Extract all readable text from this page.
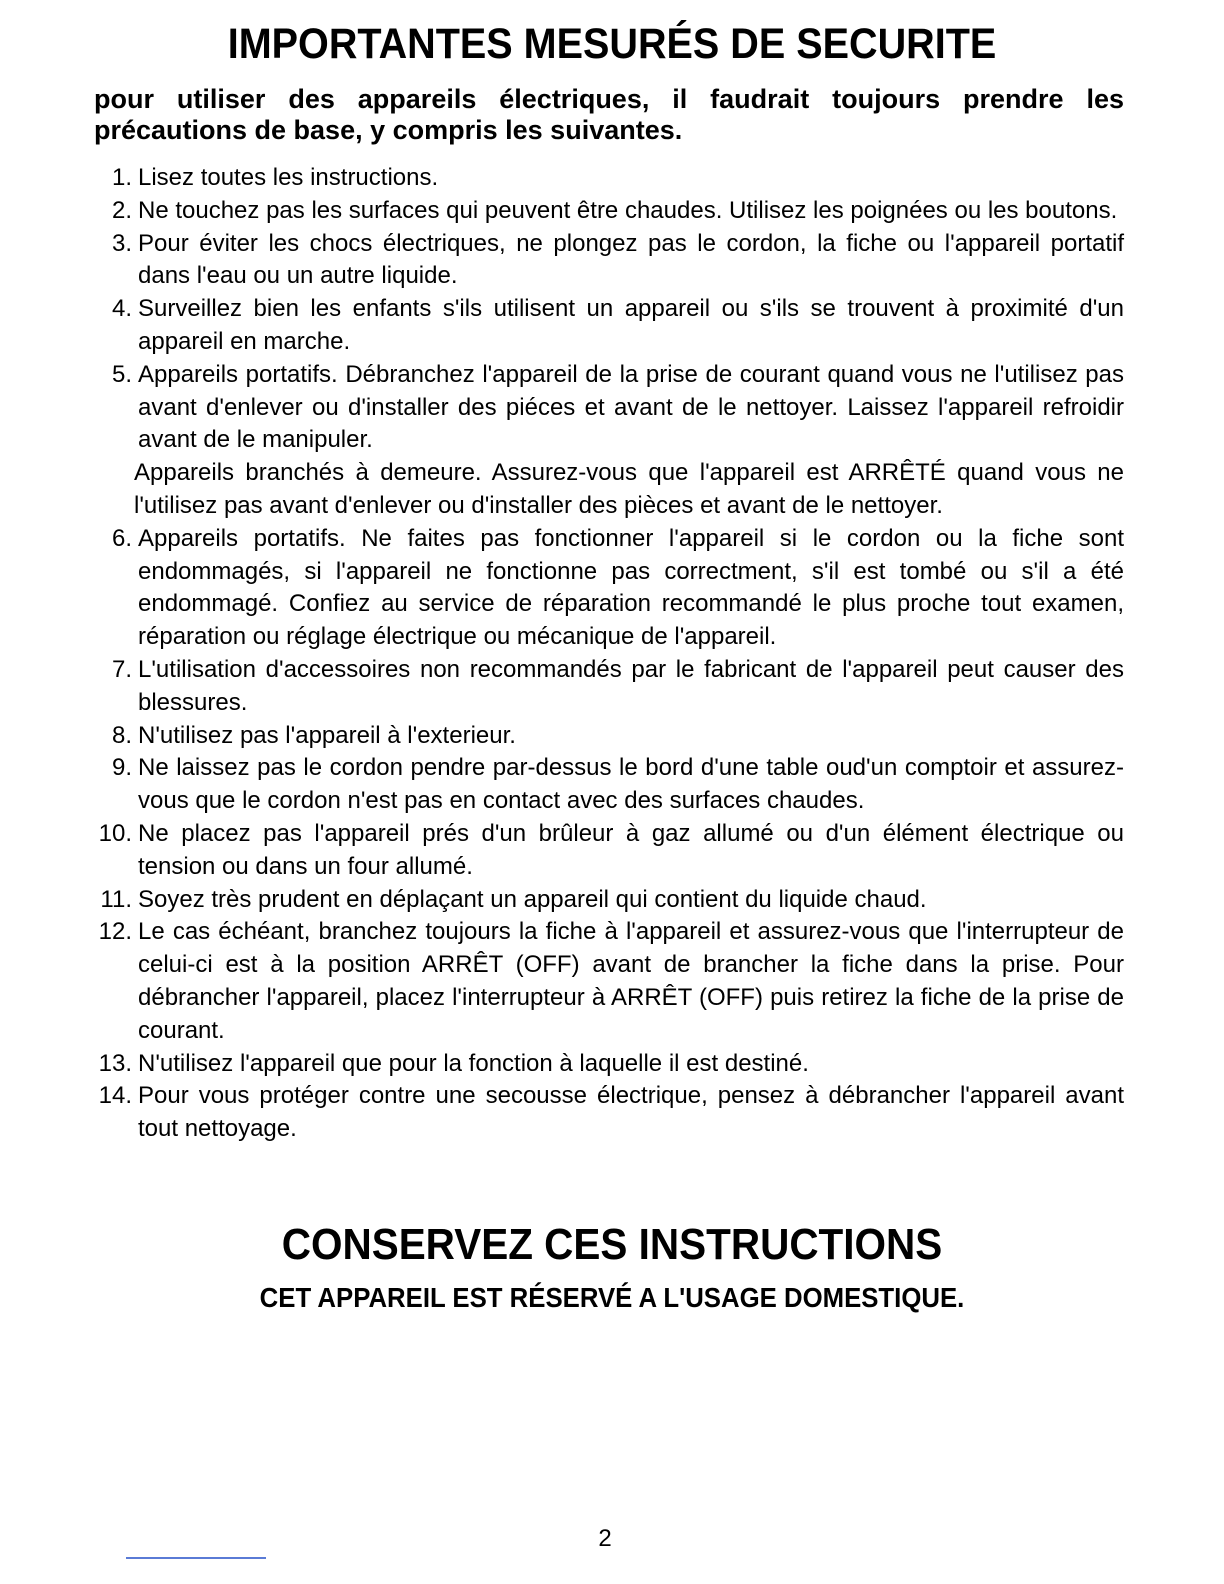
IMPORTANTES MESURÉS DE SECURITE
pour utiliser des appareils électriques, il faudrait toujours prendre les précautions de base, y compris les suivantes.
1. Lisez toutes les instructions.
2. Ne touchez pas les surfaces qui peuvent être chaudes. Utilisez les poignées ou les boutons.
3. Pour éviter les chocs électriques, ne plongez pas le cordon, la fiche ou l'appareil portatif dans l'eau ou un autre liquide.
4. Surveillez bien les enfants s'ils utilisent un appareil ou s'ils se trouvent à proximité d'un appareil en marche.
5. Appareils portatifs. Débranchez l'appareil de la prise de courant quand vous ne l'utilisez pas avant d'enlever ou d'installer des piéces et avant de le nettoyer. Laissez l'appareil refroidir avant de le manipuler.
Appareils branchés à demeure. Assurez-vous que l'appareil est ARRÊTÉ quand vous ne l'utilisez pas avant d'enlever ou d'installer des pièces et avant de le nettoyer.
6. Appareils portatifs. Ne faites pas fonctionner l'appareil si le cordon ou la fiche sont endommagés, si l'appareil ne fonctionne pas correctment, s'il est tombé ou s'il a été endommagé. Confiez au service de réparation recommandé le plus proche tout examen, réparation ou réglage électrique ou mécanique de l'appareil.
7. L'utilisation d'accessoires non recommandés par le fabricant de l'appareil peut causer des blessures.
8. N'utilisez pas l'appareil à l'exterieur.
9. Ne laissez pas le cordon pendre par-dessus le bord d'une table oud'un comptoir et assurez-vous que le cordon n'est pas en contact avec des surfaces chaudes.
10. Ne placez pas l'appareil prés d'un brûleur à gaz allumé ou d'un élément électrique ou tension ou dans un four allumé.
11. Soyez très prudent en déplaçant un appareil qui contient du liquide chaud.
12. Le cas échéant, branchez toujours la fiche à l'appareil et assurez-vous que l'interrupteur de celui-ci est à la position ARRÊT (OFF) avant de brancher la fiche dans la prise. Pour débrancher l'appareil, placez l'interrupteur à ARRÊT (OFF) puis retirez la fiche de la prise de courant.
13. N'utilisez l'appareil que pour la fonction à laquelle il est destiné.
14. Pour vous protéger contre une secousse électrique, pensez à débrancher l'appareil avant tout nettoyage.
CONSERVEZ CES INSTRUCTIONS
CET APPAREIL EST RÉSERVÉ A L'USAGE DOMESTIQUE.
2
